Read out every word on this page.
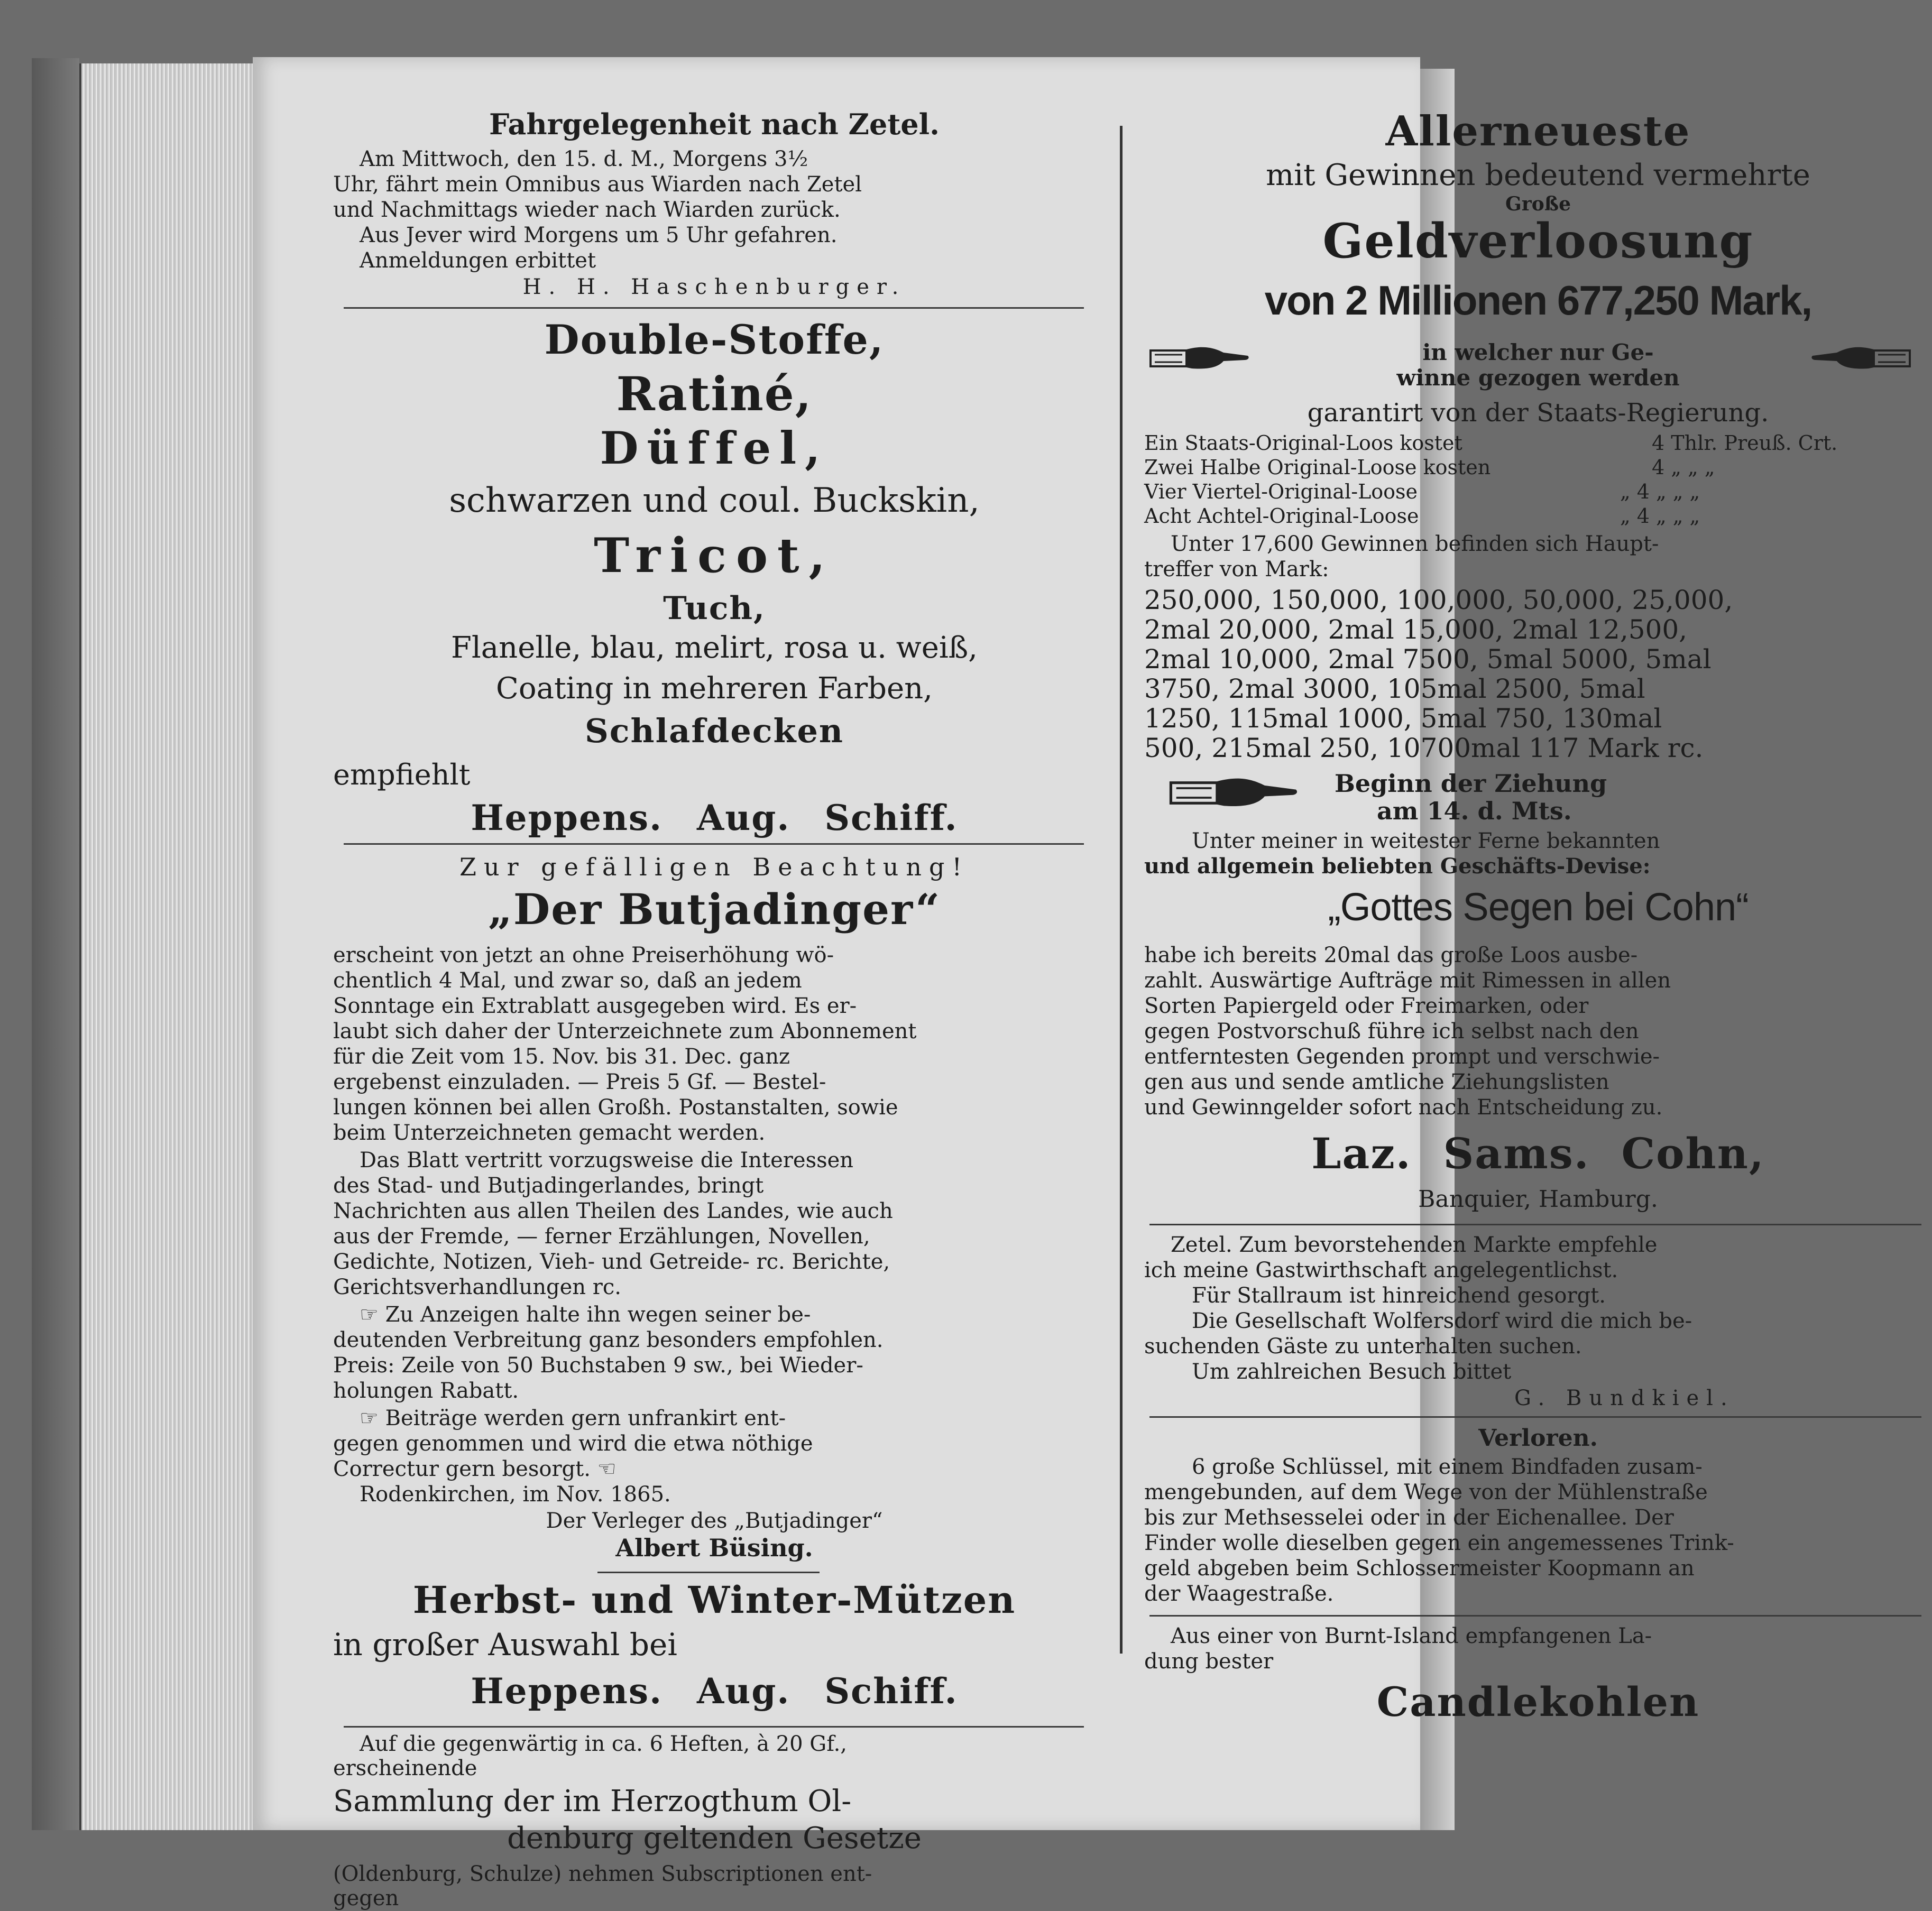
Fahrgelegenheit nach Zetel.
Am Mittwoch, den 15. d. M., Morgens 3½
Uhr, fährt mein Omnibus aus Wiarden nach Zetel
und Nachmittags wieder nach Wiarden zurück.
Aus Jever wird Morgens um 5 Uhr gefahren.
Anmeldungen erbittet
H. H. Haschenburger.
Double-Stoffe,
Ratiné,
Düffel,
schwarzen und coul. Buckskin,
Tricot,
Tuch,
Flanelle, blau, melirt, rosa u. weiß,
Coating in mehreren Farben,
Schlafdecken
empfiehlt
Heppens. Aug. Schiff.
Zur gefälligen Beachtung!
„Der Butjadinger“
erscheint von jetzt an ohne Preiserhöhung wö-
chentlich 4 Mal, und zwar so, daß an jedem
Sonntage ein Extrablatt ausgegeben wird. Es er-
laubt sich daher der Unterzeichnete zum Abonnement
für die Zeit vom 15. Nov. bis 31. Dec. ganz
ergebenst einzuladen. — Preis 5 Gf. — Bestel-
lungen können bei allen Großh. Postanstalten, sowie
beim Unterzeichneten gemacht werden.
Das Blatt vertritt vorzugsweise die Interessen
des Stad- und Butjadingerlandes, bringt
Nachrichten aus allen Theilen des Landes, wie auch
aus der Fremde, — ferner Erzählungen, Novellen,
Gedichte, Notizen, Vieh- und Getreide- rc. Berichte,
Gerichtsverhandlungen rc.
☞ Zu Anzeigen halte ihn wegen seiner be-
deutenden Verbreitung ganz besonders empfohlen.
Preis: Zeile von 50 Buchstaben 9 sw., bei Wieder-
holungen Rabatt.
☞ Beiträge werden gern unfrankirt ent-
gegen genommen und wird die etwa nöthige
Correctur gern besorgt. ☜
Rodenkirchen, im Nov. 1865.
Der Verleger des „Butjadinger“
Albert Büsing.
Herbst- und Winter-Mützen
in großer Auswahl bei
Heppens. Aug. Schiff.
Auf die gegenwärtig in ca. 6 Heften, à 20 Gf.,
erscheinende
Sammlung der im Herzogthum Ol-
denburg geltenden Gesetze
(Oldenburg, Schulze) nehmen Subscriptionen ent-
gegen
Allerneueste
mit Gewinnen bedeutend vermehrte
Große
Geldverloosung
von 2 Millionen 677,250 Mark,
in welcher nur Ge-
winne gezogen werden
garantirt von der Staats-Regierung.
Ein Staats-Original-Loos kostet	4 Thlr. Preuß. Crt.
Zwei Halbe Original-Loose kosten	4 „ „ „
Vier Viertel-Original-Loose	„ 4 „ „ „
Acht Achtel-Original-Loose	„ 4 „ „ „
Unter 17,600 Gewinnen befinden sich Haupt-
treffer von Mark:
250,000, 150,000, 100,000, 50,000, 25,000,
2mal 20,000, 2mal 15,000, 2mal 12,500,
2mal 10,000, 2mal 7500, 5mal 5000, 5mal
3750, 2mal 3000, 105mal 2500, 5mal
1250, 115mal 1000, 5mal 750, 130mal
500, 215mal 250, 10700mal 117 Mark rc.
Beginn der Ziehung
am 14. d. Mts.
Unter meiner in weitester Ferne bekannten
und allgemein beliebten Geschäfts-Devise:
„Gottes Segen bei Cohn“
habe ich bereits 20mal das große Loos ausbe-
zahlt. Auswärtige Aufträge mit Rimessen in allen
Sorten Papiergeld oder Freimarken, oder
gegen Postvorschuß führe ich selbst nach den
entferntesten Gegenden prompt und verschwie-
gen aus und sende amtliche Ziehungslisten
und Gewinngelder sofort nach Entscheidung zu.
Laz. Sams. Cohn,
Banquier, Hamburg.
Zetel. Zum bevorstehenden Markte empfehle
ich meine Gastwirthschaft angelegentlichst.
Für Stallraum ist hinreichend gesorgt.
Die Gesellschaft Wolfersdorf wird die mich be-
suchenden Gäste zu unterhalten suchen.
Um zahlreichen Besuch bittet
G. Bundkiel.
Verloren.
6 große Schlüssel, mit einem Bindfaden zusam-
mengebunden, auf dem Wege von der Mühlenstraße
bis zur Methsesselei oder in der Eichenallee. Der
Finder wolle dieselben gegen ein angemessenes Trink-
geld abgeben beim Schlossermeister Koopmann an
der Waagestraße.
Aus einer von Burnt-Island empfangenen La-
dung bester
Candlekohlen
